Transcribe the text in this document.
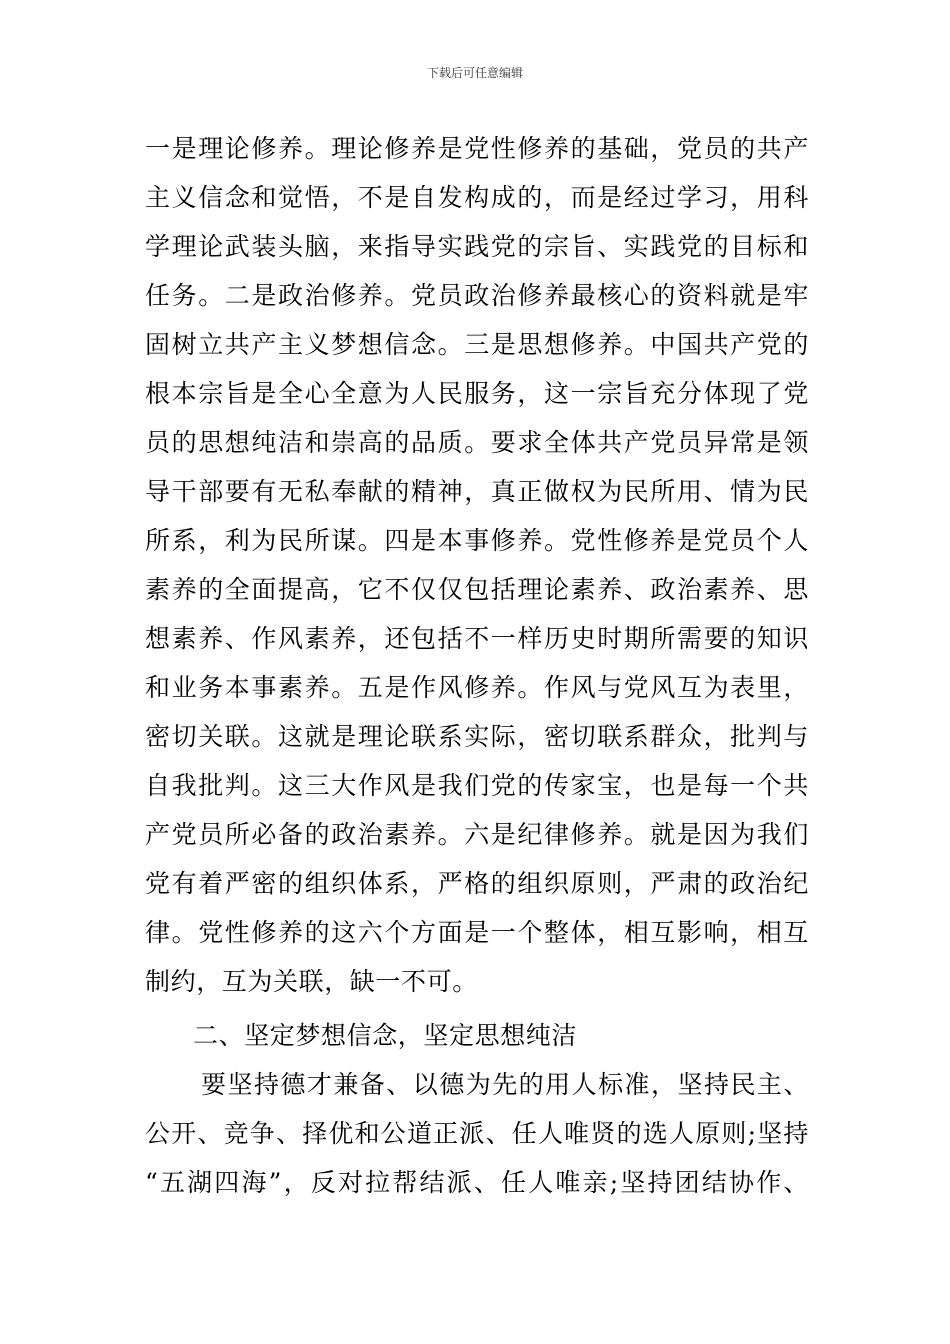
下载后可任意编辑
一是理论修养。理论修养是党性修养的基础，党员的共产
主义信念和觉悟，不是自发构成的，而是经过学习，用科
学理论武装头脑，来指导实践党的宗旨、实践党的目标和
任务。二是政治修养。党员政治修养最核心的资料就是牢
固树立共产主义梦想信念。三是思想修养。中国共产党的
根本宗旨是全心全意为人民服务，这一宗旨充分体现了党
员的思想纯洁和崇高的品质。要求全体共产党员异常是领
导干部要有无私奉献的精神，真正做权为民所用、情为民
所系，利为民所谋。四是本事修养。党性修养是党员个人
素养的全面提高，它不仅仅包括理论素养、政治素养、思
想素养、作风素养，还包括不一样历史时期所需要的知识
和业务本事素养。五是作风修养。作风与党风互为表里，
密切关联。这就是理论联系实际，密切联系群众，批判与
自我批判。这三大作风是我们党的传家宝，也是每一个共
产党员所必备的政治素养。六是纪律修养。就是因为我们
党有着严密的组织体系，严格的组织原则，严肃的政治纪
律。党性修养的这六个方面是一个整体，相互影响，相互
制约，互为关联，缺一不可。
二、坚定梦想信念，坚定思想纯洁
要坚持德才兼备、以德为先的用人标准，坚持民主、
公开、竞争、择优和公道正派、任人唯贤的选人原则;坚持
“五湖四海”，反对拉帮结派、任人唯亲;坚持团结协作、
